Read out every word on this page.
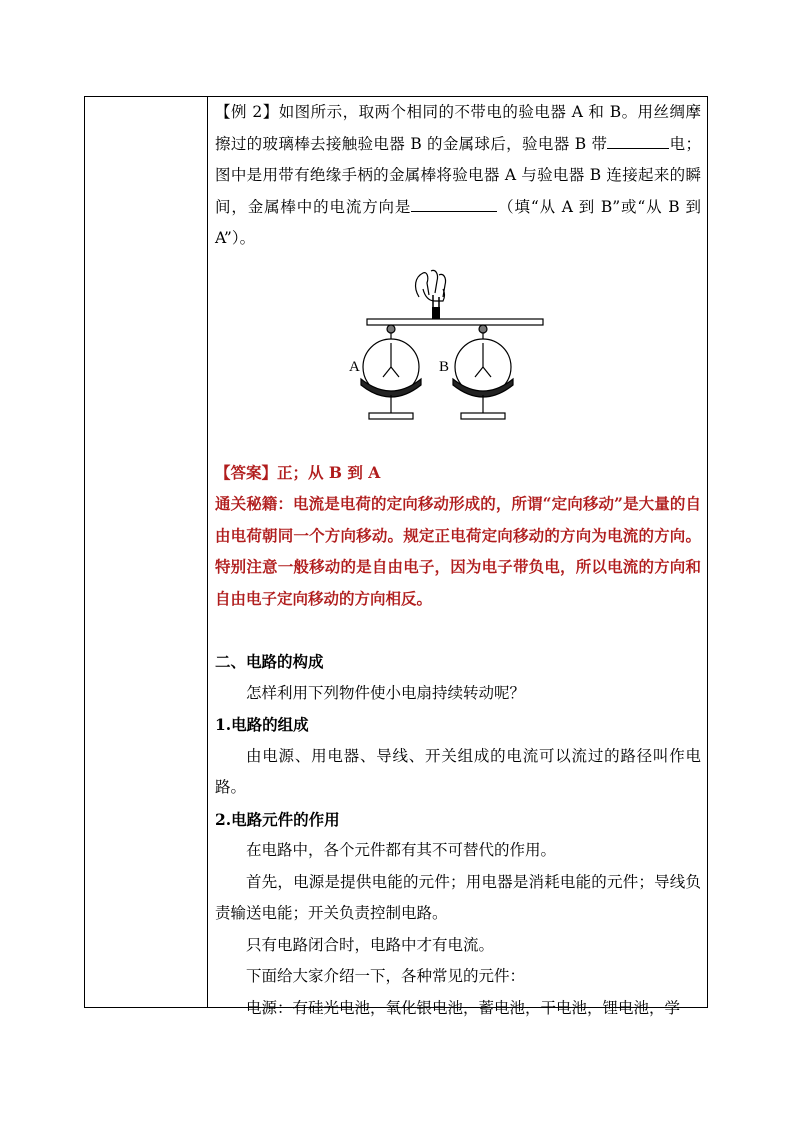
【例 2】如图所示，取两个相同的不带电的验电器 A 和 B。用丝绸摩擦过的玻璃棒去接触验电器 B 的金属球后，验电器 B 带	电；图中是用带有绝缘手柄的金属棒将验电器 A 与验电器 B 连接起来的瞬间，金属棒中的电流方向是	（填“从 A 到 B”或“从 B 到 A”）。

A	B

【答案】正；从 B 到 A

通关秘籍：电流是电荷的定向移动形成的，所谓“定向移动”是大量的自由电荷朝同一个方向移动。规定正电荷定向移动的方向为电流的方向。特别注意一般移动的是自由电子，因为电子带负电，所以电流的方向和自由电子定向移动的方向相反。

二、电路的构成

怎样利用下列物件使小电扇持续转动呢？

1.电路的组成

由电源、用电器、导线、开关组成的电流可以流过的路径叫作电路。

2.电路元件的作用

在电路中，各个元件都有其不可替代的作用。

首先，电源是提供电能的元件；用电器是消耗电能的元件；导线负责输送电能；开关负责控制电路。

只有电路闭合时，电路中才有电流。

下面给大家介绍一下，各种常见的元件：

电源：有硅光电池，氧化银电池，蓄电池，干电池，锂电池，学
